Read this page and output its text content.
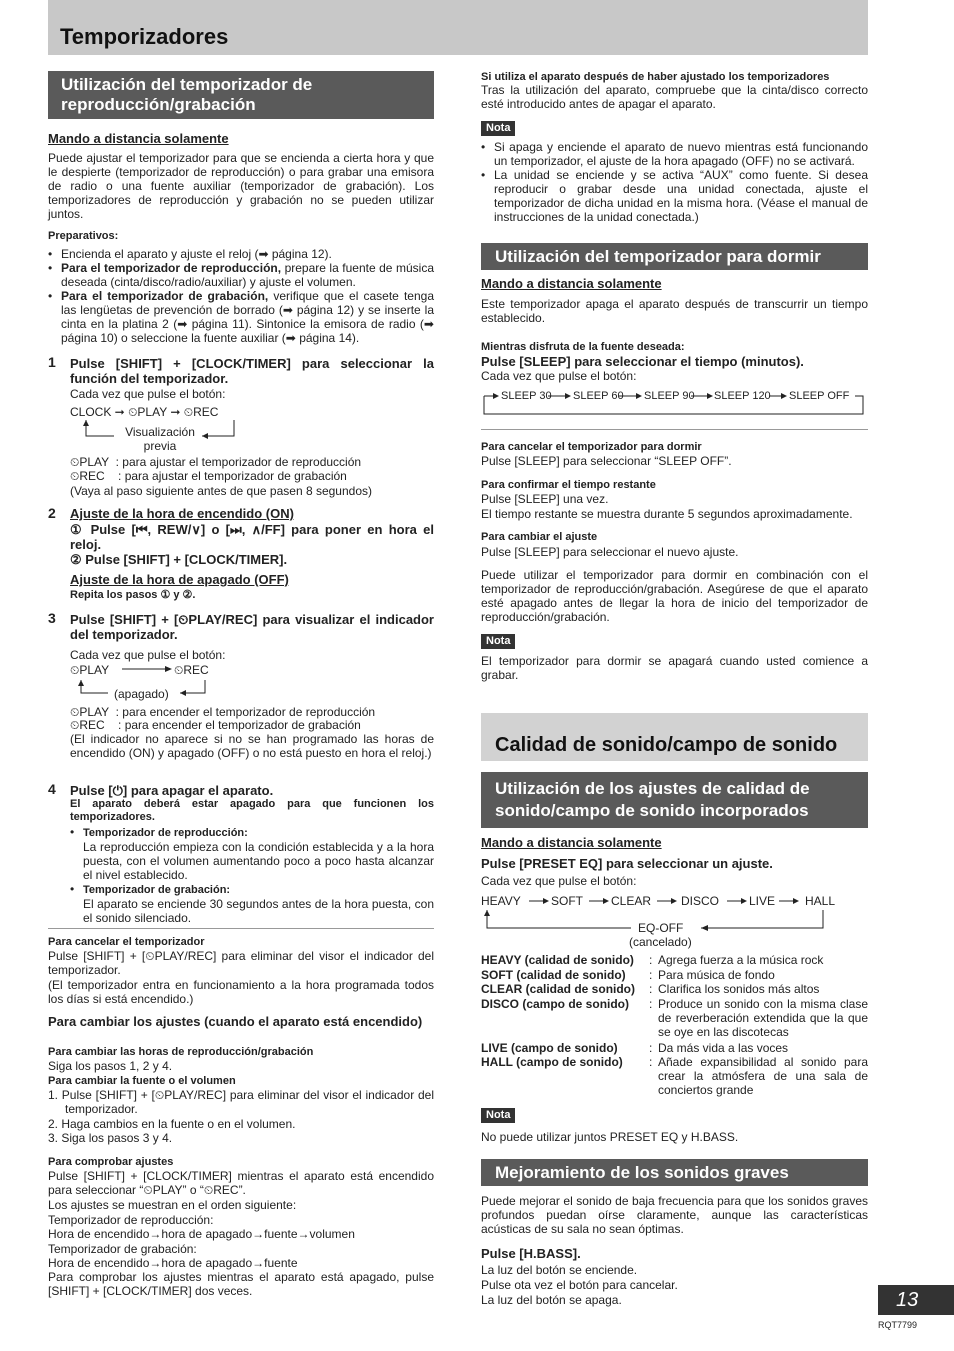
Temporizadores
Utilización del temporizador de reproducción/grabación
Mando a distancia solamente
Puede ajustar el temporizador para que se encienda a cierta hora y que le despierte (temporizador de reproducción) o para grabar una emisora de radio o una fuente auxiliar (temporizador de grabación). Los temporizadores de reproducción y grabación no se pueden utilizar juntos.
Preparativos:
• Encienda el aparato y ajuste el reloj (➡ página 12).
• Para el temporizador de reproducción, prepare la fuente de música deseada (cinta/disco/radio/auxiliar) y ajuste el volumen.
• Para el temporizador de grabación, verifique que el casete tenga las lengüetas de prevención de borrado (➡ página 12) y se inserte la cinta en la platina 2 (➡ página 11). Sintonice la emisora de radio (➡ página 10) o seleccione la fuente auxiliar (➡ página 14).
1 Pulse [SHIFT] + [CLOCK/TIMER] para seleccionar la función del temporizador.
Cada vez que pulse el botón:
CLOCK ➞ ⏲PLAY ➞ ⏲REC
Visualización previa
⏲PLAY  : para ajustar el temporizador de reproducción
⏲REC    : para ajustar el temporizador de grabación
(Vaya al paso siguiente antes de que pasen 8 segundos)
2 Ajuste de la hora de encendido (ON)
① Pulse [⏮, REW/∨] o [⏭, ∧/FF] para poner en hora el reloj.
② Pulse [SHIFT] + [CLOCK/TIMER].
Ajuste de la hora de apagado (OFF)
Repita los pasos ① y ②.
3 Pulse [SHIFT] + [⏲PLAY/REC] para visualizar el indicador del temporizador.
Cada vez que pulse el botón:
⏲PLAY	⏲REC
(apagado)
⏲PLAY  : para encender el temporizador de reproducción
⏲REC    : para encender el temporizador de grabación
(El indicador no aparece si no se han programado las horas de encendido (ON) y apagado (OFF) o no está puesto en hora el reloj.)
4 Pulse [⏻] para apagar el aparato.
El aparato deberá estar apagado para que funcionen los temporizadores.
• Temporizador de reproducción:
La reproducción empieza con la condición establecida y a la hora puesta, con el volumen aumentando poco a poco hasta alcanzar el nivel establecido.
• Temporizador de grabación:
El aparato se enciende 30 segundos antes de la hora puesta, con el sonido silenciado.
Para cancelar el temporizador
Pulse [SHIFT] + [⏲PLAY/REC] para eliminar del visor el indicador del temporizador.
(El temporizador entra en funcionamiento a la hora programada todos los días si está encendido.)
Para cambiar los ajustes (cuando el aparato está encendido)
Para cambiar las horas de reproducción/grabación
Siga los pasos 1, 2 y 4.
Para cambiar la fuente o el volumen
1. Pulse [SHIFT] + [⏲PLAY/REC] para eliminar del visor el indicador del temporizador.
2. Haga cambios en la fuente o en el volumen.
3. Siga los pasos 3 y 4.
Para comprobar ajustes
Pulse [SHIFT] + [CLOCK/TIMER] mientras el aparato está encendido para seleccionar “⏲PLAY” o “⏲REC”.
Los ajustes se muestran en el orden siguiente:
Temporizador de reproducción:
Hora de encendido→hora de apagado→fuente→volumen
Temporizador de grabación:
Hora de encendido→hora de apagado→fuente
Para comprobar los ajustes mientras el aparato está apagado, pulse [SHIFT] + [CLOCK/TIMER] dos veces.
Si utiliza el aparato después de haber ajustado los temporizadores
Tras la utilización del aparato, compruebe que la cinta/disco correcto esté introducido antes de apagar el aparato.
Nota
• Si apaga y enciende el aparato de nuevo mientras está funcionando un temporizador, el ajuste de la hora apagado (OFF) no se activará.
• La unidad se enciende y se activa “AUX” como fuente. Si desea reproducir o grabar desde una unidad conectada, ajuste el temporizador de dicha unidad en la misma hora. (Véase el manual de instrucciones de la unidad conectada.)
Utilización del temporizador para dormir
Mando a distancia solamente
Este temporizador apaga el aparato después de transcurrir un tiempo establecido.
Mientras disfruta de la fuente deseada:
Pulse [SLEEP] para seleccionar el tiempo (minutos).
Cada vez que pulse el botón:
SLEEP 30 SLEEP 60 SLEEP 90 SLEEP 120 SLEEP OFF
Para cancelar el temporizador para dormir
Pulse [SLEEP] para seleccionar “SLEEP OFF”.
Para confirmar el tiempo restante
Pulse [SLEEP] una vez.
El tiempo restante se muestra durante 5 segundos aproximadamente.
Para cambiar el ajuste
Pulse [SLEEP] para seleccionar el nuevo ajuste.
Puede utilizar el temporizador para dormir en combinación con el temporizador de reproducción/grabación. Asegúrese de que el aparato esté apagado antes de llegar la hora de inicio del temporizador de reproducción/grabación.
Nota
El temporizador para dormir se apagará cuando usted comience a grabar.
Calidad de sonido/campo de sonido
Utilización de los ajustes de calidad de sonido/campo de sonido incorporados
Mando a distancia solamente
Pulse [PRESET EQ] para seleccionar un ajuste.
Cada vez que pulse el botón:
HEAVY	SOFT CLEAR DISCO LIVE HALL
EQ-OFF
(cancelado)
HEAVY (calidad de sonido) : Agrega fuerza a la música rock
SOFT (calidad de sonido) : Para música de fondo
CLEAR (calidad de sonido) : Clarifica los sonidos más altos
DISCO (campo de sonido) : Produce un sonido con la misma clase de reverberación extendida que la que se oye en las discotecas
LIVE (campo de sonido)	: Da más vida a las voces
HALL (campo de sonido) : Añade expansibilidad al sonido para crear la atmósfera de una sala de conciertos grande
Nota
No puede utilizar juntos PRESET EQ y H.BASS.
Mejoramiento de los sonidos graves
Puede mejorar el sonido de baja frecuencia para que los sonidos graves profundos puedan oírse claramente, aunque las características acústicas de su sala no sean óptimas.
Pulse [H.BASS].
La luz del botón se enciende.
Pulse ota vez el botón para cancelar.
La luz del botón se apaga.	13
RQT7799
